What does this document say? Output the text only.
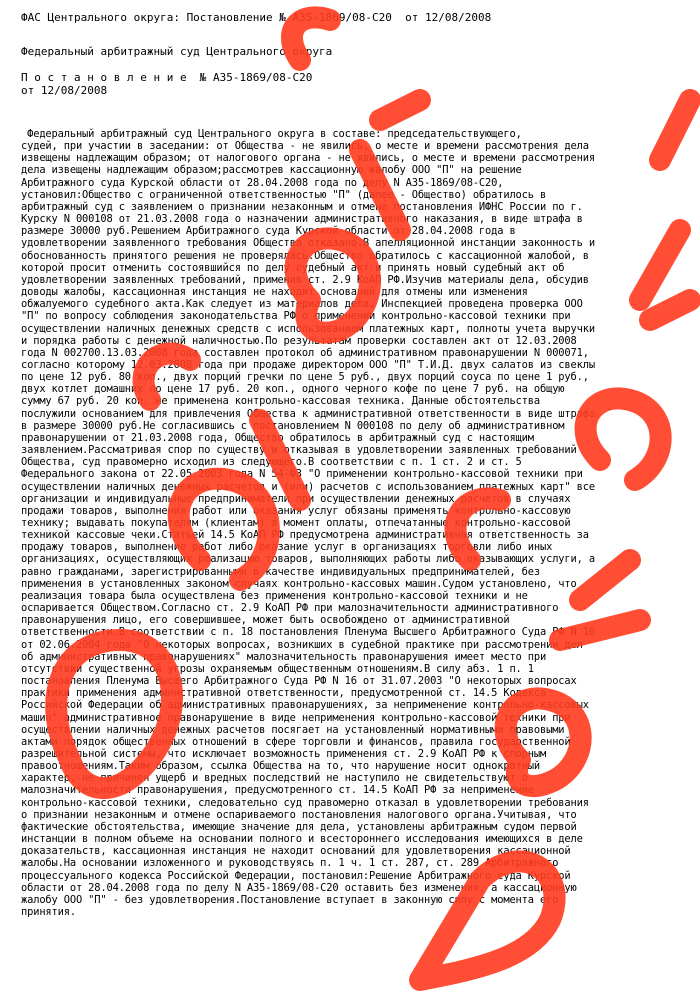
ФАС Центрального округа: Постановление № А35-1869/08-С20  от 12/08/2008
Федеральный арбитражный суд Центрального округа
П о с т а н о в л е н и е  № А35-1869/08-С20
от 12/08/2008
Федеральный арбитражный суд Центрального округа в составе: председательствующего,
судей, при участии в заседании: от Общества - не явились, о месте и времени рассмотрения дела
извещены надлежащим образом; от налогового органа - не явились, о месте и времени рассмотрения
дела извещены надлежащим образом;рассмотрев кассационную жалобу ООО "П" на решение
Арбитражного суда Курской области от 28.04.2008 года по делу N А35-1869/08-С20,
установил:Общество с ограниченной ответственностью "П" (далее - Общество) обратилось в
арбитражный суд с заявлением о признании незаконным и отмене постановления ИФНС России по г.
Курску N 000108 от 21.03.2008 года о назначении административного наказания, в виде штрафа в
размере 30000 руб.Решением Арбитражного суда Курской области от 28.04.2008 года в
удовлетворении заявленного требования Общества отказано.В апелляционной инстанции законность и
обоснованность принятого решения не проверялась.Общество обратилось с кассационной жалобой, в
которой просит отменить состоявшийся по делу судебный акт и принять новый судебный акт об
удовлетворении заявленных требований, применив ст. 2.9 КоАП РФ.Изучив материалы дела, обсудив
доводы жалобы, кассационная инстанция не находит оснований для отмены или изменения
обжалуемого судебного акта.Как следует из материалов дела, Инспекцией проведена проверка ООО
"П" по вопросу соблюдения законодательства РФ о применении контрольно-кассовой техники при
осуществлении наличных денежных средств с использованием платежных карт, полноты учета выручки
и порядка работы с денежной наличностью.По результатам проверки составлен акт от 12.03.2008
года N 002700.13.03.2008 года составлен протокол об административном правонарушении N 000071,
согласно которому 12.03.2008 года при продаже директором ООО "П" Т.И.Д. двух салатов из свеклы
по цене 12 руб. 80 коп., двух порций гречки по цене 5 руб., двух порций соуса по цене 1 руб.,
двух котлет домашних по цене 17 руб. 20 коп., одного черного кофе по цене 7 руб. на общую
сумму 67 руб. 20 коп. не применена контрольно-кассовая техника. Данные обстоятельства
послужили основанием для привлечения Общества к административной ответственности в виде штрафа
в размере 30000 руб.Не согласившись с постановлением N 000108 по делу об административном
правонарушении от 21.03.2008 года, Общество обратилось в арбитражный суд с настоящим
заявлением.Рассматривая спор по существу и отказывая в удовлетворении заявленных требований
Общества, суд правомерно исходил из следующего.В соответствии с п. 1 ст. 2 и ст. 5
Федерального закона от 22.05.2003 года N 54-ФЗ "О применении контрольно-кассовой техники при
осуществлении наличных денежных расчетов и (или) расчетов с использованием платежных карт" все
организации и индивидуальные предприниматели при осуществлении денежных расчетов в случаях
продажи товаров, выполнения работ или оказания услуг обязаны применять контрольно-кассовую
технику; выдавать покупателям (клиентам) в момент оплаты, отпечатанные контрольно-кассовой
техникой кассовые чеки.Статьей 14.5 КоАП РФ предусмотрена административная ответственность за
продажу товаров, выполнение работ либо оказание услуг в организациях торговли либо иных
организациях, осуществляющих реализацию товаров, выполняющих работы либо оказывающих услуги, а
равно гражданами, зарегистрированными в качестве индивидуальных предпринимателей, без
применения в установленных законом случаях контрольно-кассовых машин.Судом установлено, что
реализация товара была осуществлена без применения контрольно-кассовой техники и не
оспаривается Обществом.Согласно ст. 2.9 КоАП РФ при малозначительности административного
правонарушения лицо, его совершившее, может быть освобождено от административной
ответственности.В соответствии с п. 18 постановления Пленума Высшего Арбитражного Суда РФ N 10
от 02.06.2004 года "О некоторых вопросах, возникших в судебной практике при рассмотрении дел
об административных правонарушениях" малозначительность правонарушения имеет место при
отсутствии существенной угрозы охраняемым общественным отношениям.В силу абз. 1 п. 1
постановления Пленума Высшего Арбитражного Суда РФ N 16 от 31.07.2003 "О некоторых вопросах
практики применения административной ответственности, предусмотренной ст. 14.5 Кодекса
Российской Федерации об административных правонарушениях, за неприменение контрольно-кассовых
машин" административное правонарушение в виде неприменения контрольно-кассовой техники при
осуществлении наличных денежных расчетов посягает на установленный нормативными правовыми
актами порядок общественных отношений в сфере торговли и финансов, правила государственной
разрешительной системы, что исключает возможность применения ст. 2.9 КоАП РФ к спорным
правоотношениям.Таким образом, ссылка Общества на то, что нарушение носит однократный
характер, не причинен ущерб и вредных последствий не наступило не свидетельствуют о
малозначительности правонарушения, предусмотренного ст. 14.5 КоАП РФ за неприменение
контрольно-кассовой техники, следовательно суд правомерно отказал в удовлетворении требования
о признании незаконным и отмене оспариваемого постановления налогового органа.Учитывая, что
фактические обстоятельства, имеющие значение для дела, установлены арбитражным судом первой
инстанции в полном объеме на основании полного и всестороннего исследования имеющихся в деле
доказательств, кассационная инстанция не находит оснований для удовлетворения кассационной
жалобы.На основании изложенного и руководствуясь п. 1 ч. 1 ст. 287, ст. 289 Арбитражного
процессуального кодекса Российской Федерации, постановил:Решение Арбитражного суда Курской
области от 28.04.2008 года по делу N А35-1869/08-С20 оставить без изменения, а кассационную
жалобу ООО "П" - без удовлетворения.Постановление вступает в законную силу с момента его
принятия.
